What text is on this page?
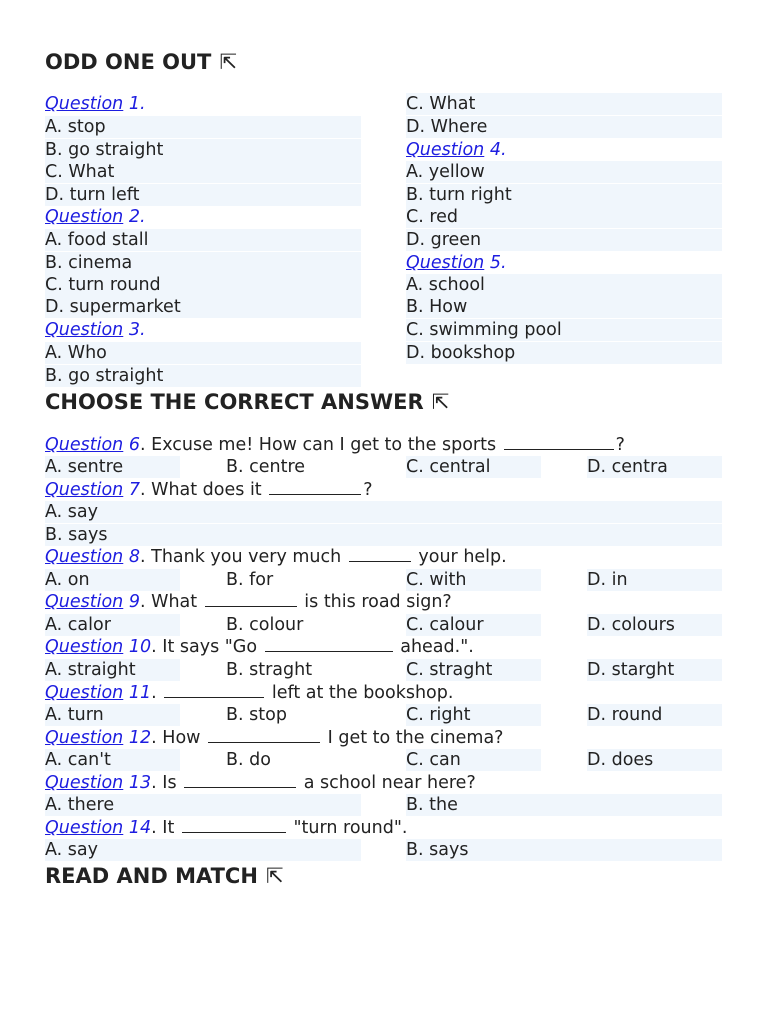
ODD ONE OUT ⇱
Question 1.
A. stop
B. go straight
C. What
D. turn left
Question 2.
A. food stall
B. cinema
C. turn round
D. supermarket
Question 3.
A. Who
B. go straight
C. What
D. Where
Question 4.
A. yellow
B. turn right
C. red
D. green
Question 5.
A. school
B. How
C. swimming pool
D. bookshop
CHOOSE THE CORRECT ANSWER ⇱
Question 6. Excuse me! How can I get to the sports	?
A. sentre	B. centre	C. central	D. centra
Question 7. What does it	?
A. say
B. says
Question 8. Thank you very much	your help.
A. on	B. for	C. with	D. in
Question 9. What	is this road sign?
A. calor	B. colour	C. calour	D. colours
Question 10. It says "Go	ahead.".
A. straight	B. straght	C. straght	D. starght
Question 11.	left at the bookshop.
A. turn	B. stop	C. right	D. round
Question 12. How	I get to the cinema?
A. can't	B. do	C. can	D. does
Question 13. Is	a school near here?
A. there	B. the
Question 14. It	"turn round".
A. say	B. says
READ AND MATCH ⇱
